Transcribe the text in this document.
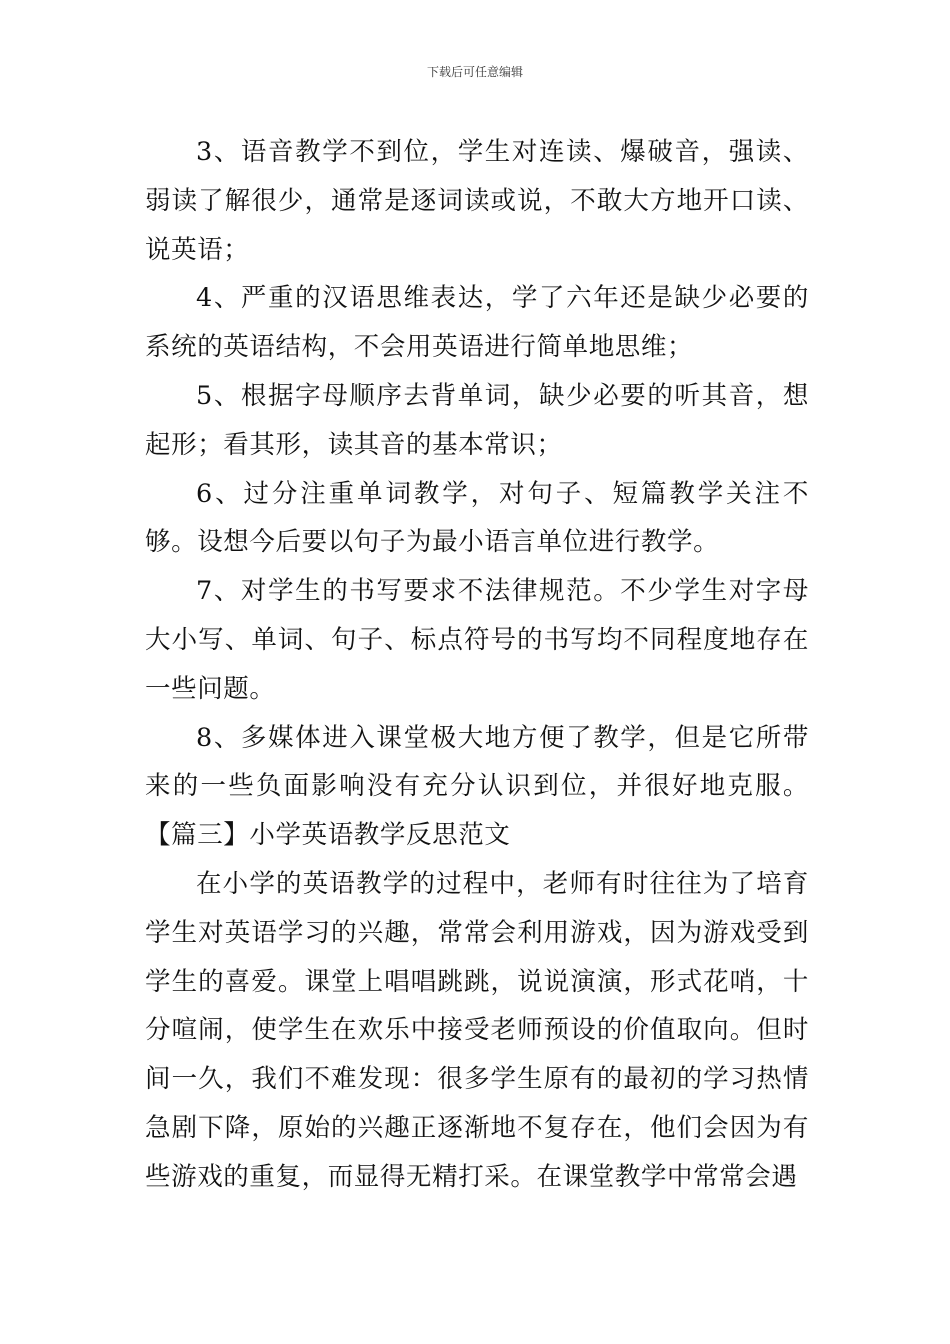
下载后可任意编辑

3、语音教学不到位，学生对连读、爆破音，强读、弱读了解很少，通常是逐词读或说，不敢大方地开口读、说英语；

4、严重的汉语思维表达，学了六年还是缺少必要的系统的英语结构，不会用英语进行简单地思维；

5、根据字母顺序去背单词，缺少必要的听其音，想起形；看其形，读其音的基本常识；

6、过分注重单词教学，对句子、短篇教学关注不够。设想今后要以句子为最小语言单位进行教学。

7、对学生的书写要求不法律规范。不少学生对字母大小写、单词、句子、标点符号的书写均不同程度地存在一些问题。

8、多媒体进入课堂极大地方便了教学，但是它所带来的一些负面影响没有充分认识到位，并很好地克服。 【篇三】小学英语教学反思范文

在小学的英语教学的过程中，老师有时往往为了培育学生对英语学习的兴趣，常常会利用游戏，因为游戏受到学生的喜爱。课堂上唱唱跳跳，说说演演，形式花哨，十分喧闹，使学生在欢乐中接受老师预设的价值取向。但时间一久，我们不难发现：很多学生原有的最初的学习热情急剧下降，原始的兴趣正逐渐地不复存在，他们会因为有些游戏的重复，而显得无精打采。在课堂教学中常常会遇
